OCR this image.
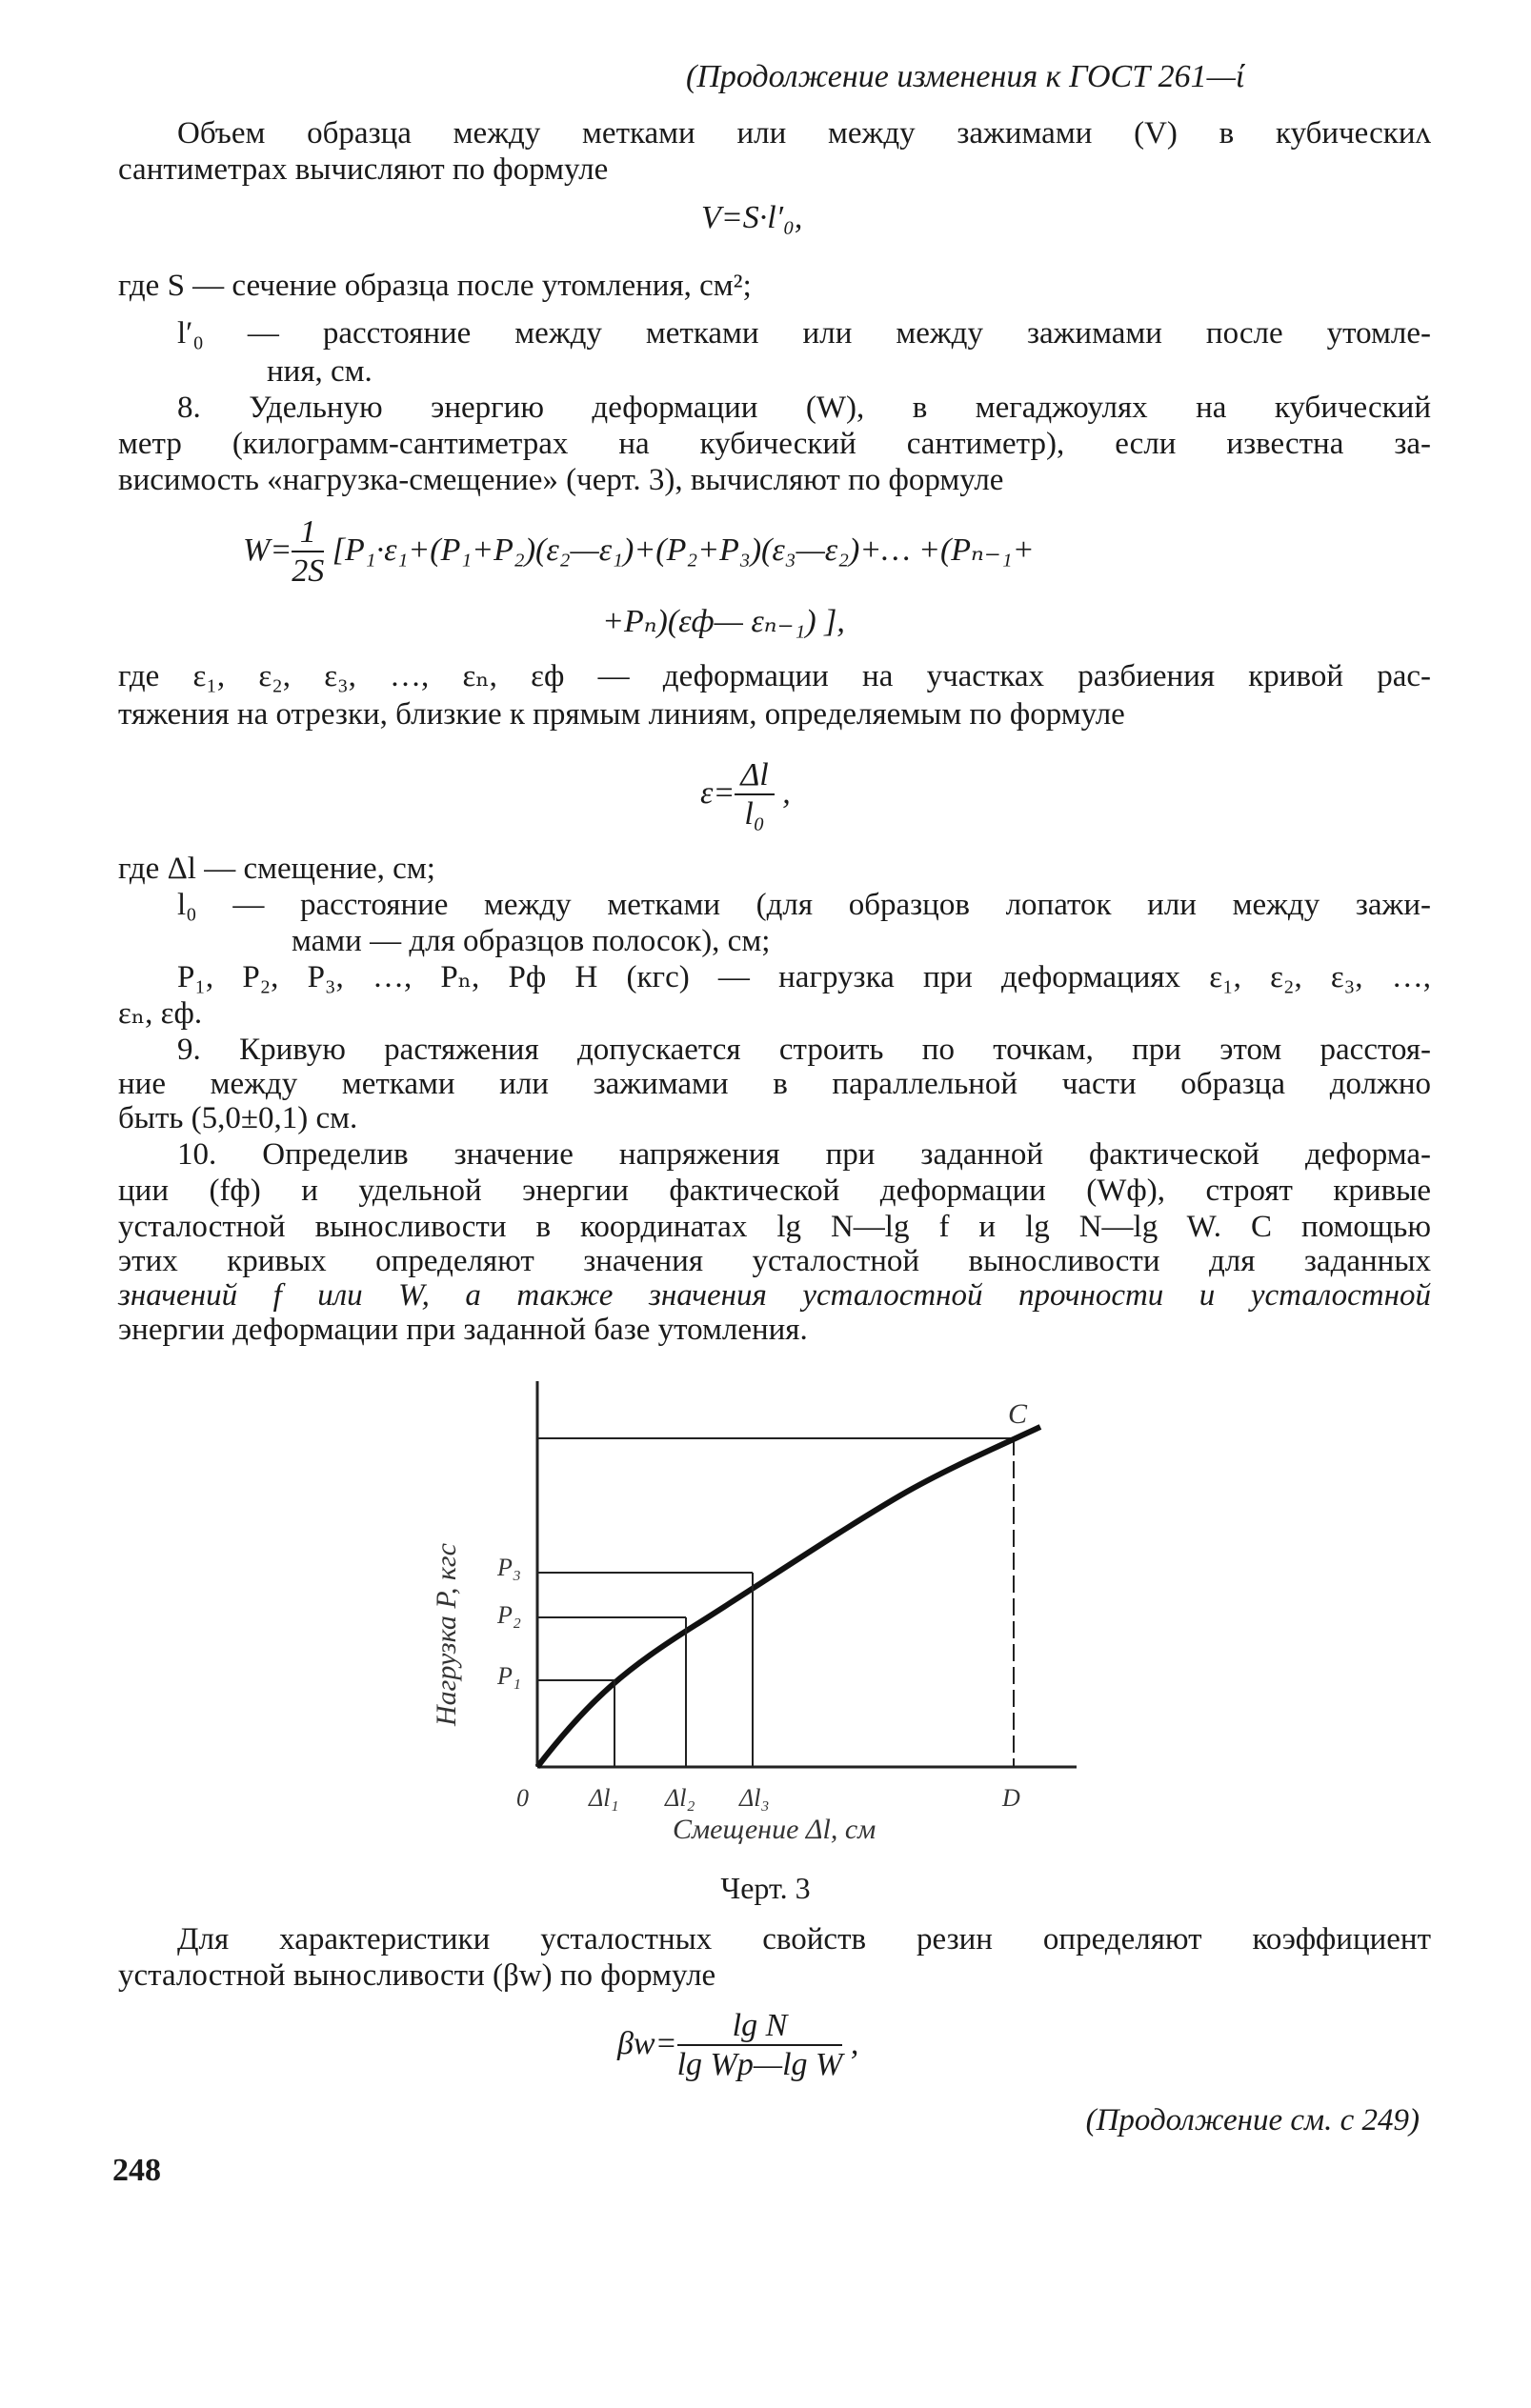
(Продолжение изменения к ГОСТ 261—ί
Объем образца между метками или между зажимами (V) в кубическиʌ
сантиметрах вычисляют по формуле
V=S·l′₀,
где S — сечение образца после утомления, см²;
l′₀ — расстояние между метками или между зажимами после утомле-
ния, см.
8. Удельную энергию деформации (W), в мегаджоулях на кубический
метр (килограмм-сантиметрах на кубический сантиметр), если известна за-
висимость «нагрузка-смещение» (черт. 3), вычисляют по формуле
$W= \frac{1}{2S}$ [P₁·ε₁+(P₁+P₂)(ε₂—ε₁)+(P₂+P₃)(ε₃—ε₂)+… +(Pₙ₋₁+
+Pₙ)(εф— εₙ₋₁) ],
где ε₁, ε₂, ε₃, …, εₙ, εф — деформации на участках разбиения кривой рас-
тяжения на отрезки, близкие к прямым линиям, определяемым по формуле
$\varepsilon= \frac{\Delta l}{\text{l₀}}$ ,
где Δl — смещение, см;
l₀ — расстояние между метками (для образцов лопаток или между зажи-
мами — для образцов полосок), см;
P₁, P₂, P₃, …, Pₙ, Pф Н (кгс) — нагрузка при деформациях ε₁, ε₂, ε₃, …,
εₙ, εф.
9. Кривую растяжения допускается строить по точкам, при этом расстоя-
ние между метками или зажимами в параллельной части образца должно
быть (5,0±0,1) см.
10. Определив значение напряжения при заданной фактической деформа-
ции (fф) и удельной энергии фактической деформации (Wф), строят кривые
усталостной выносливости в координатах lg N—lg f и lg N—lg W. С помощью
этих кривых определяют значения усталостной выносливости для заданных
значений f или W, а также значения усталостной прочности и усталостной
энергии деформации при заданной базе утомления.
C
P₃
P₂
P₁
0 Δl₁ Δl₂ Δl₃	D
Смещение Δl, см
Нагрузка P, кгс
Черт. 3
Для характеристики усталостных свойств резин определяют коэффициент
усталостной выносливости (βw) по формуле
$\beta w= \frac{\text{lg N}}{\text{lg Wр—lg W}}$ ,
(Продолжение см. с 249)
248
